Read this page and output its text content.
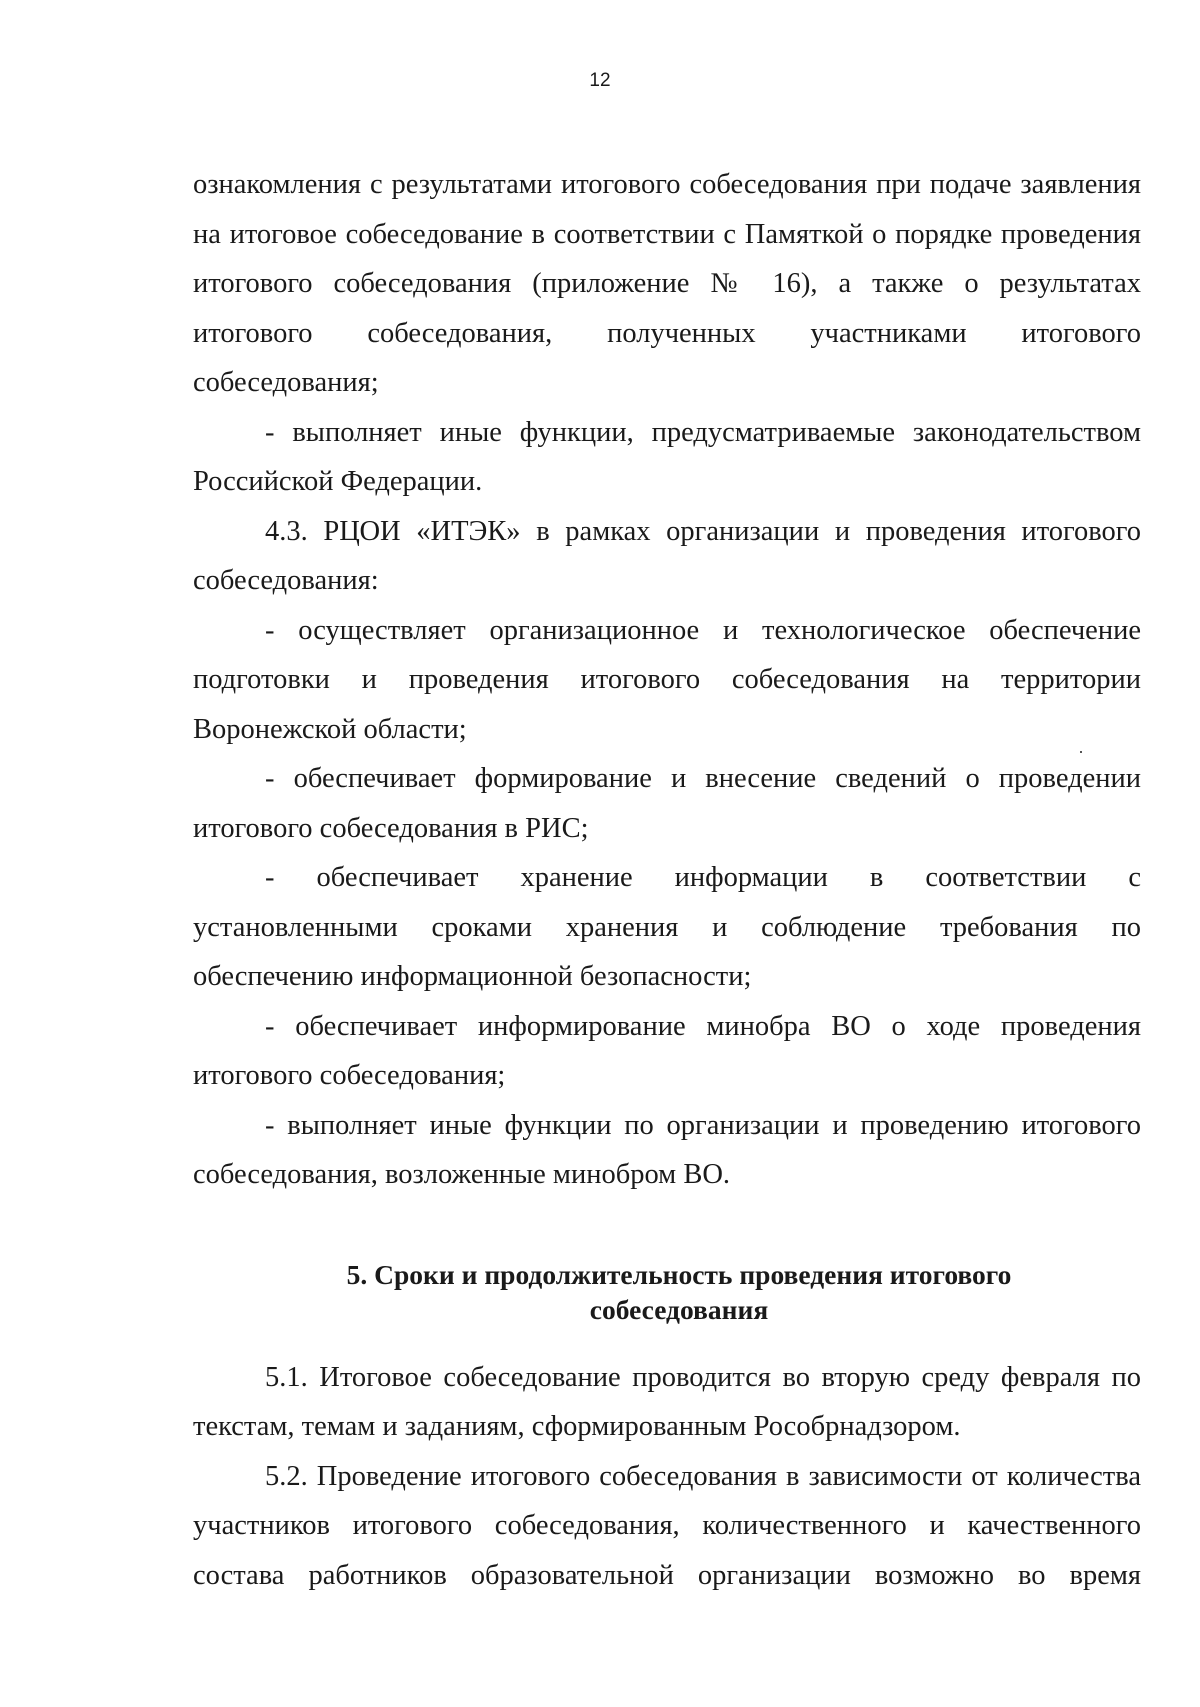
12

ознакомления с результатами итогового собеседования при подаче заявления на итоговое собеседование в соответствии с Памяткой о порядке проведения итогового собеседования (приложение № 16), а также о результатах итогового собеседования, полученных участниками итогового собеседования;

- выполняет иные функции, предусматриваемые законодательством Российской Федерации.

4.3. РЦОИ «ИТЭК» в рамках организации и проведения итогового собеседования:

- осуществляет организационное и технологическое обеспечение подготовки и проведения итогового собеседования на территории Воронежской области;

- обеспечивает формирование и внесение сведений о проведении итогового собеседования в РИС;

- обеспечивает хранение информации в соответствии с установленными сроками хранения и соблюдение требования по обеспечению информационной безопасности;

- обеспечивает информирование минобра ВО о ходе проведения итогового собеседования;

- выполняет иные функции по организации и проведению итогового собеседования, возложенные минобром ВО.

5. Сроки и продолжительность проведения итогового
собеседования

5.1. Итоговое собеседование проводится во вторую среду февраля по текстам, темам и заданиям, сформированным Рособрнадзором.

5.2. Проведение итогового собеседования в зависимости от количества участников итогового собеседования, количественного и качественного состава работников образовательной организации возможно во время
